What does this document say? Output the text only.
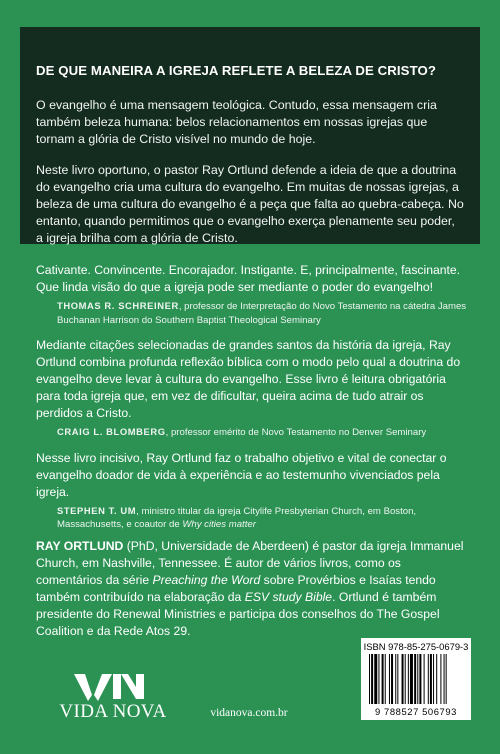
DE QUE MANEIRA A IGREJA REFLETE A BELEZA DE CRISTO?

O evangelho é uma mensagem teológica. Contudo, essa mensagem cria também beleza humana: belos relacionamentos em nossas igrejas que tornam a glória de Cristo visível no mundo de hoje.

Neste livro oportuno, o pastor Ray Ortlund defende a ideia de que a doutrina do evangelho cria uma cultura do evangelho. Em muitas de nossas igrejas, a beleza de uma cultura do evangelho é a peça que falta ao quebra-cabeça. No entanto, quando permitimos que o evangelho exerça plenamente seu poder, a igreja brilha com a glória de Cristo.

Cativante. Convincente. Encorajador. Instigante. E, principalmente, fascinante. Que linda visão do que a igreja pode ser mediante o poder do evangelho!

THOMAS R. SCHREINER, professor de Interpretação do Novo Testamento na cátedra James Buchanan Harrison do Southern Baptist Theological Seminary

Mediante citações selecionadas de grandes santos da história da igreja, Ray Ortlund combina profunda reflexão bíblica com o modo pelo qual a doutrina do evangelho deve levar à cultura do evangelho. Esse livro é leitura obrigatória para toda igreja que, em vez de dificultar, queira acima de tudo atrair os perdidos a Cristo.

CRAIG L. BLOMBERG, professor emérito de Novo Testamento no Denver Seminary

Nesse livro incisivo, Ray Ortlund faz o trabalho objetivo e vital de conectar o evangelho doador de vida à experiência e ao testemunho vivenciados pela igreja.

STEPHEN T. UM, ministro titular da igreja Citylife Presbyterian Church, em Boston, Massachusetts, e coautor de Why cities matter

RAY ORTLUND (PhD, Universidade de Aberdeen) é pastor da igreja Immanuel Church, em Nashville, Tennessee. É autor de vários livros, como os comentários da série Preaching the Word sobre Provérbios e Isaías tendo também contribuído na elaboração da ESV study Bible. Ortlund é também presidente do Renewal Ministries e participa dos conselhos do The Gospel Coalition e da Rede Atos 29.

VIDA NOVA	vidanova.com.br
ISBN 978-85-275-0679-3
9 788527 506793
